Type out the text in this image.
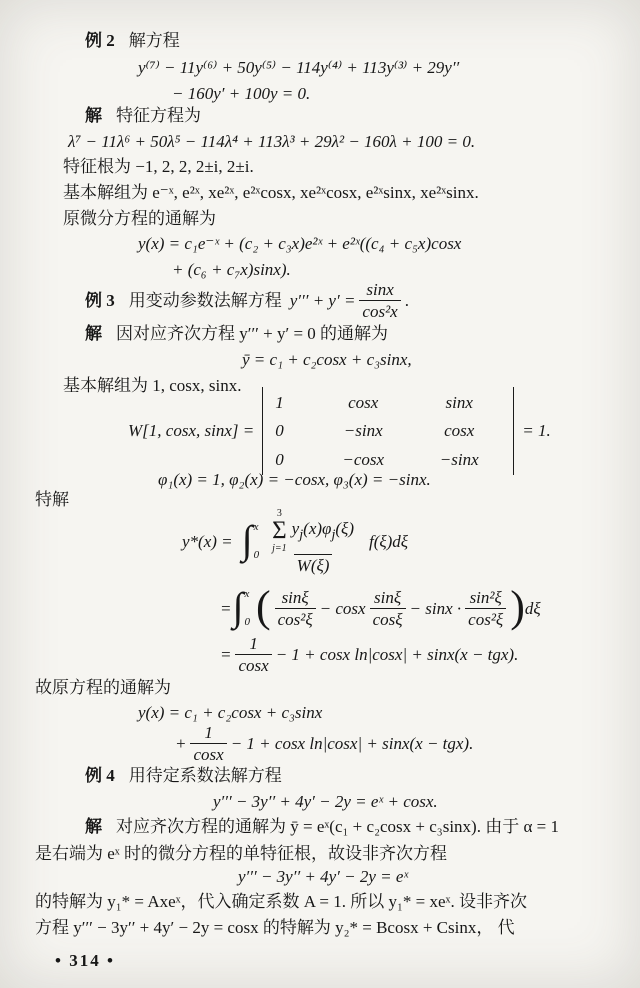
例 2 解方程
y⁽⁷⁾ − 11y⁽⁶⁾ + 50y⁽⁵⁾ − 114y⁽⁴⁾ + 113y⁽³⁾ + 29y′′
− 160y′ + 100y = 0.
解 特征方程为
λ⁷ − 11λ⁶ + 50λ⁵ − 114λ⁴ + 113λ³ + 29λ² − 160λ + 100 = 0.
特征根为 −1, 2, 2, 2±i, 2±i.
基本解组为 e⁻ˣ, e²ˣ, xe²ˣ, e²ˣcosx, xe²ˣcosx, e²ˣsinx, xe²ˣsinx.
原微分方程的通解为
y(x) = c₁e⁻ˣ + (c₂ + c₃x)e²ˣ + e²ˣ((c₄ + c₅x)cosx
+ (c₆ + c₇x)sinx).
例 3 用变动参数法解方程 $y''' + y' = \frac{\sin x}{\text{cos²x}}$ .
解 因对应齐次方程 y′′′ + y′ = 0 的通解为
ȳ = c₁ + c₂cosx + c₃sinx,
基本解组为 1, cosx, sinx.
W[1, cosx, sinx] =
1	cosx	sinx
0	−sinx	cosx
0	−cosx	−sinx
= 1.
φ₁(x) = 1, φ₂(x) = −cosx, φ₃(x) = −sinx.
特解
y*(x) = ∫ x
0 3
Σ
j=1
$y_j(x)\varphi_j(\xi)$
W(ξ) f(ξ)dξ
= ∫ x
0 ( $\frac{\sin\xi}{\text{cos²ξ}} - \cos x \frac{\sin\xi}{\cos\xi} - \sin x \cdot \frac{\text{sin²ξ}}{\text{cos²ξ}}$ ) dξ
= $\frac{1}{\cos x} - 1 + \cos x$ ln|cosx| + sinx(x − tgx).
故原方程的通解为
y(x) = c₁ + c₂cosx + c₃sinx
+ $\frac{1}{\cos x} - 1 + \cos x$ ln|cosx| + sinx(x − tgx).
例 4 用待定系数法解方程
y′′′ − 3y′′ + 4y′ − 2y = eˣ + cosx.
解 对应齐次方程的通解为 ȳ = eˣ(c₁ + c₂cosx + c₃sinx). 由于 α = 1
是右端为 eˣ 时的微分方程的单特征根，故设非齐次方程
y′′′ − 3y′′ + 4y′ − 2y = eˣ
的特解为 y₁* = Axeˣ，代入确定系数 A = 1. 所以 y₁* = xeˣ. 设非齐次
方程 y′′′ − 3y′′ + 4y′ − 2y = cosx 的特解为 y₂* = Bcosx + Csinx， 代
• 314 •
